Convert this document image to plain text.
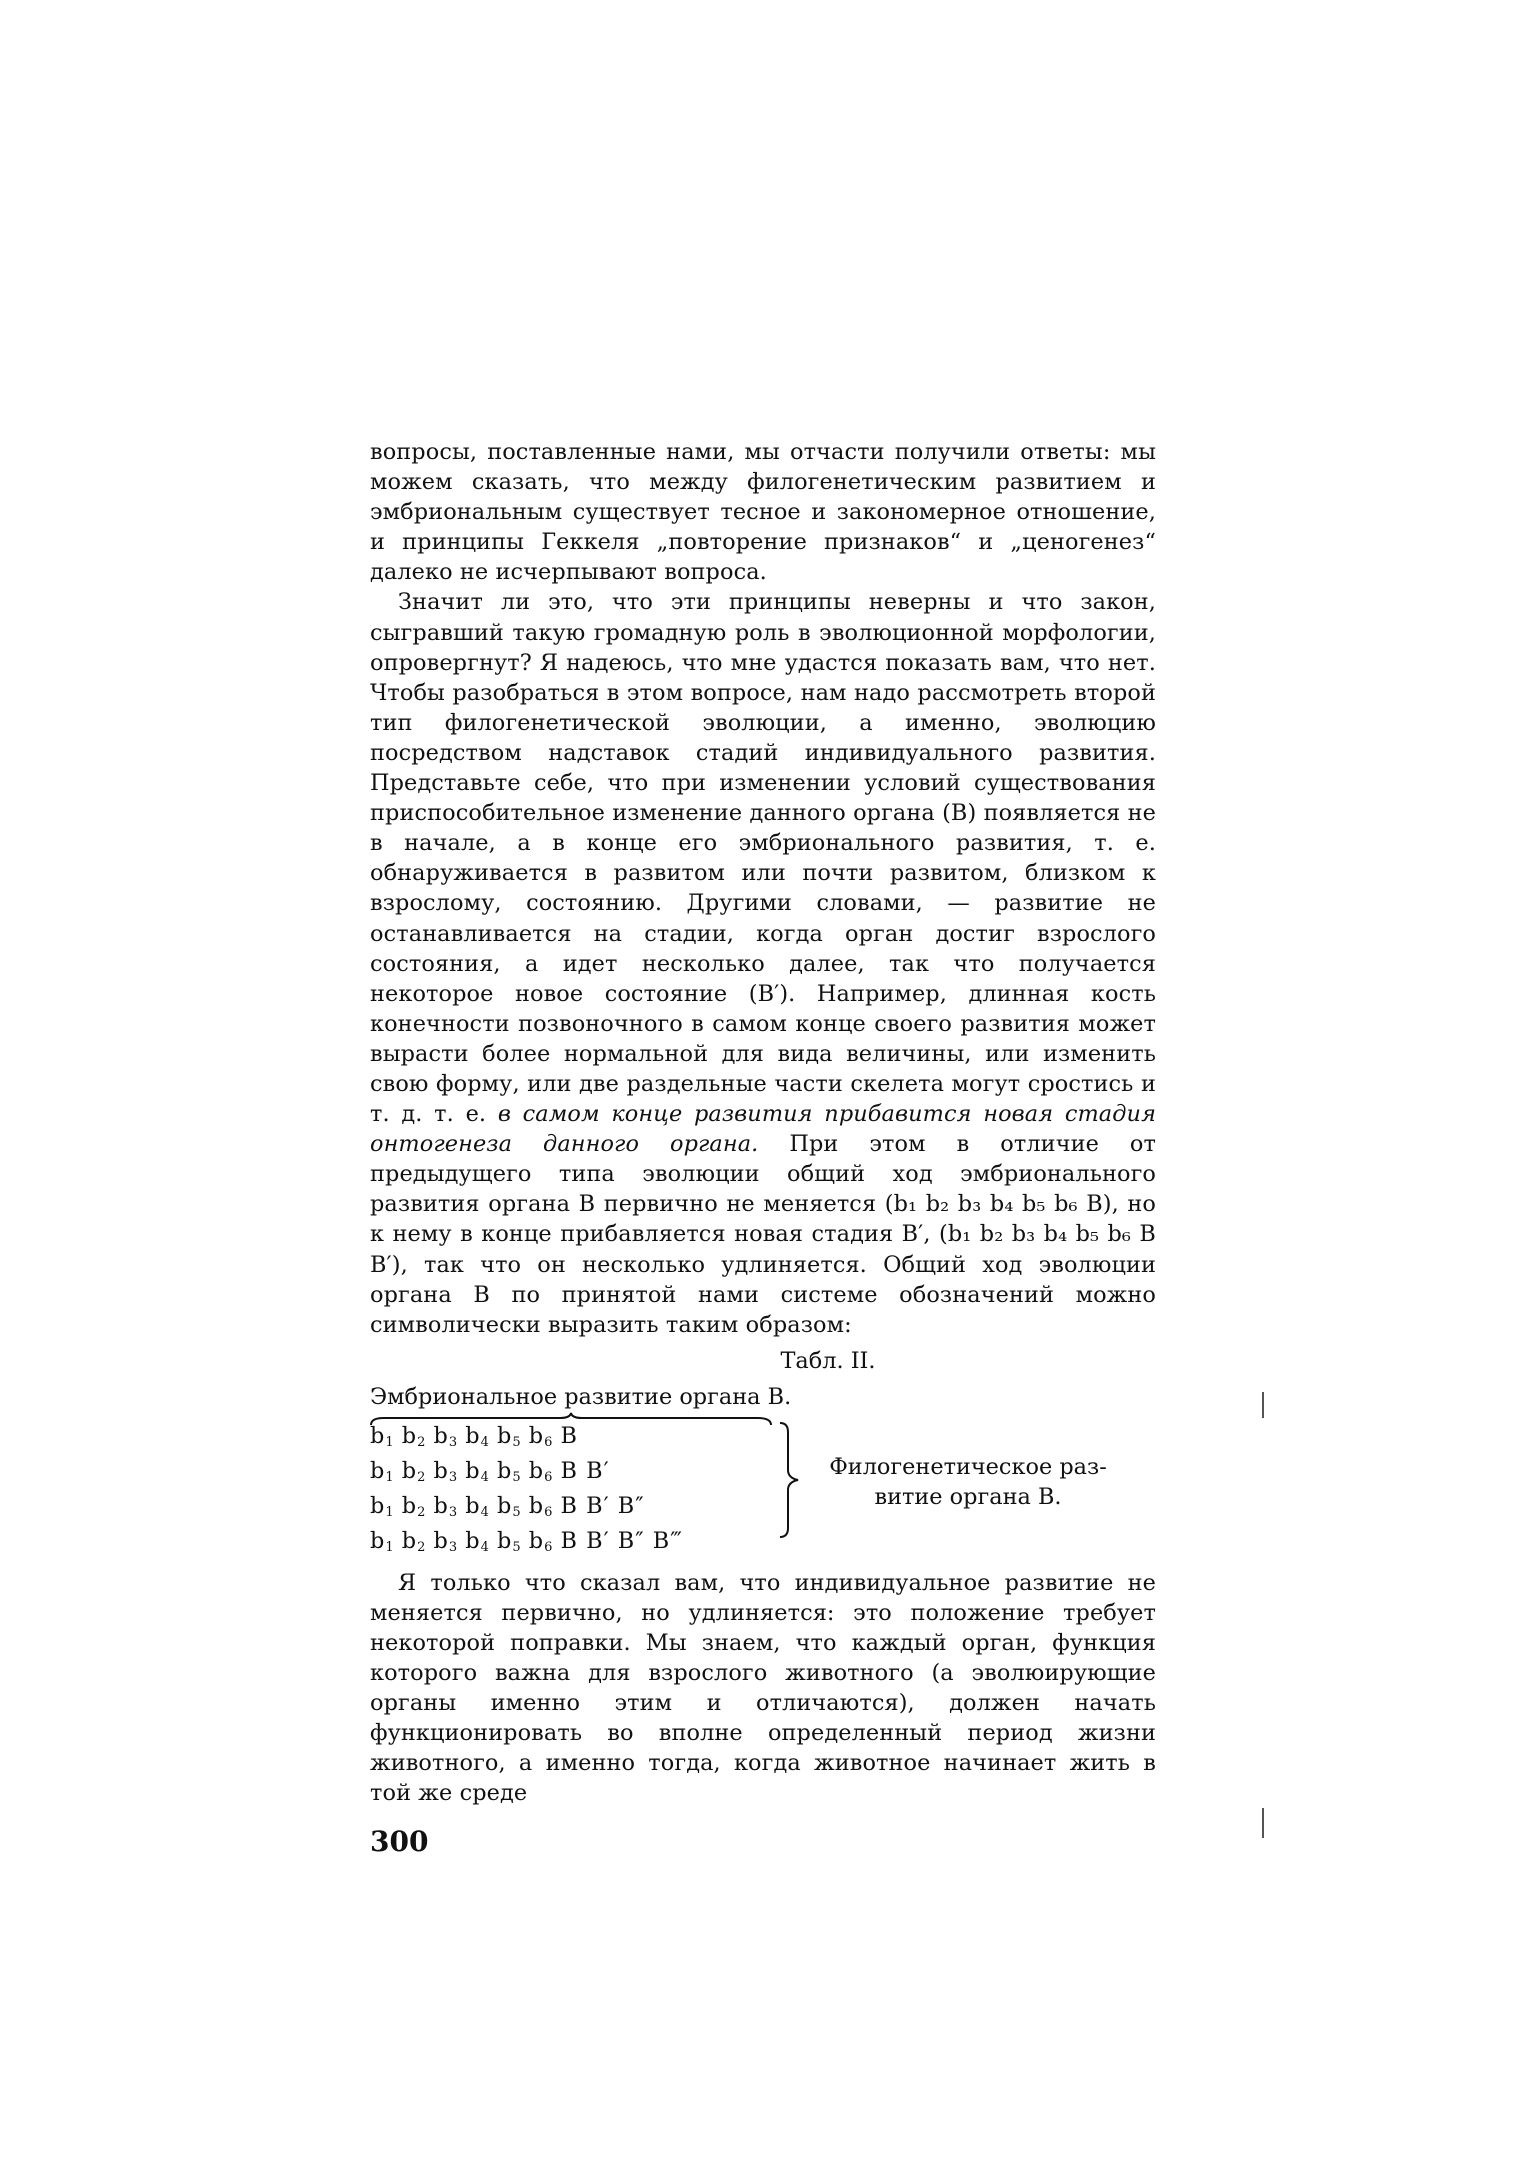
вопросы, поставленные нами, мы отчасти получили ответы: мы можем сказать, что между филогенетическим развитием и эмбриональным существует тесное и закономерное отношение, и принципы Геккеля „повторение признаков“ и „ценогенез“ далеко не исчерпывают вопроса.

Значит ли это, что эти принципы неверны и что закон, сыгравший такую громадную роль в эволюционной морфологии, опровергнут? Я надеюсь, что мне удастся показать вам, что нет. Чтобы разобраться в этом вопросе, нам надо рассмотреть второй тип филогенетической эволюции, а именно, эволюцию посредством надставок стадий индивидуального развития. Представьте себе, что при изменении условий существования приспособительное изменение данного органа (B) появляется не в начале, а в конце его эмбрионального развития, т. е. обнаруживается в развитом или почти развитом, близком к взрослому, состоянию. Другими словами, — развитие не останавливается на стадии, когда орган достиг взрослого состояния, а идет несколько далее, так что получается некоторое новое состояние (B′). Например, длинная кость конечности позвоночного в самом конце своего развития может вырасти более нормальной для вида величины, или изменить свою форму, или две раздельные части скелета могут сростись и т. д. т. е. в самом конце развития прибавится новая стадия онтогенеза данного органа. При этом в отличие от предыдущего типа эволюции общий ход эмбрионального развития органа B первично не меняется (b₁ b₂ b₃ b₄ b₅ b₆ B), но к нему в конце прибавляется новая стадия B′, (b₁ b₂ b₃ b₄ b₅ b₆ B B′), так что он несколько удлиняется. Общий ход эволюции органа B по принятой нами системе обозначений можно символически выразить таким образом:

Табл. II.
Эмбриональное развитие органа B.
$b_1$ $b_2$ $b_3$ $b_4$ $b_5$ $b_6$ B
$b_1$ $b_2$ $b_3$ $b_4$ $b_5$ $b_6$ B B′
$b_1$ $b_2$ $b_3$ $b_4$ $b_5$ $b_6$ B B′ B″
$b_1$ $b_2$ $b_3$ $b_4$ $b_5$ $b_6$ B B′ B″ B‴
Филогенетическое раз-
витие органа B.

Я только что сказал вам, что индивидуальное развитие не меняется первично, но удлиняется: это положение требует некоторой поправки. Мы знаем, что каждый орган, функция которого важна для взрослого животного (а эволюирующие органы именно этим и отличаются), должен начать функционировать во вполне определенный период жизни животного, а именно тогда, когда животное начинает жить в той же среде

300
